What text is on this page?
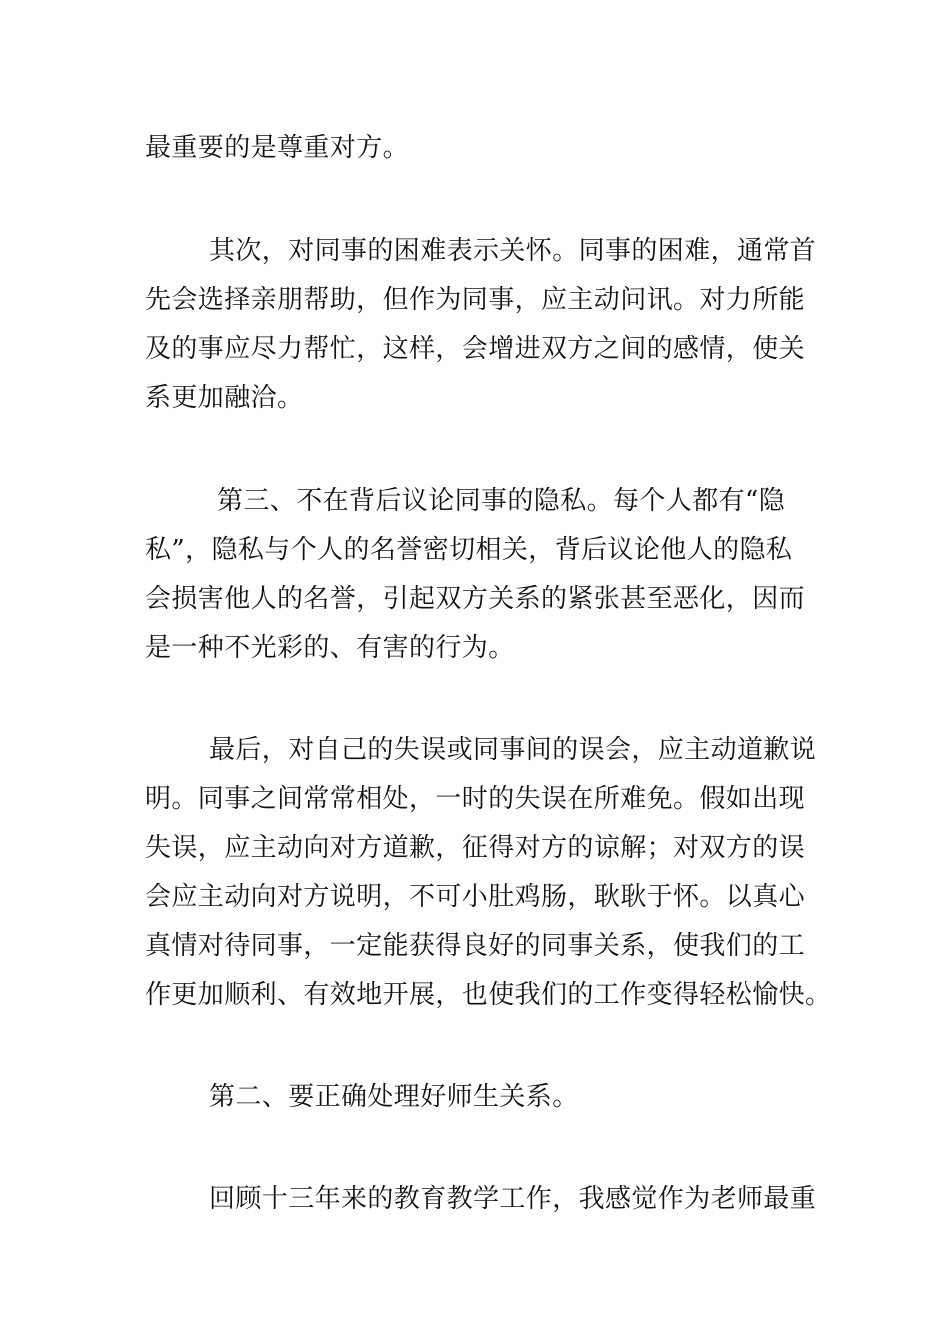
最重要的是尊重对方。
其次，对同事的困难表示关怀。同事的困难，通常首
先会选择亲朋帮助，但作为同事，应主动问讯。对力所能
及的事应尽力帮忙，这样，会增进双方之间的感情，使关
系更加融洽。
第三、不在背后议论同事的隐私。每个人都有“隐
私”，隐私与个人的名誉密切相关，背后议论他人的隐私
会损害他人的名誉，引起双方关系的紧张甚至恶化，因而
是一种不光彩的、有害的行为。
最后，对自己的失误或同事间的误会，应主动道歉说
明。同事之间常常相处，一时的失误在所难免。假如出现
失误，应主动向对方道歉，征得对方的谅解；对双方的误
会应主动向对方说明，不可小肚鸡肠，耿耿于怀。以真心
真情对待同事，一定能获得良好的同事关系，使我们的工
作更加顺利、有效地开展，也使我们的工作变得轻松愉快。
第二、要正确处理好师生关系。
回顾十三年来的教育教学工作，我感觉作为老师最重
